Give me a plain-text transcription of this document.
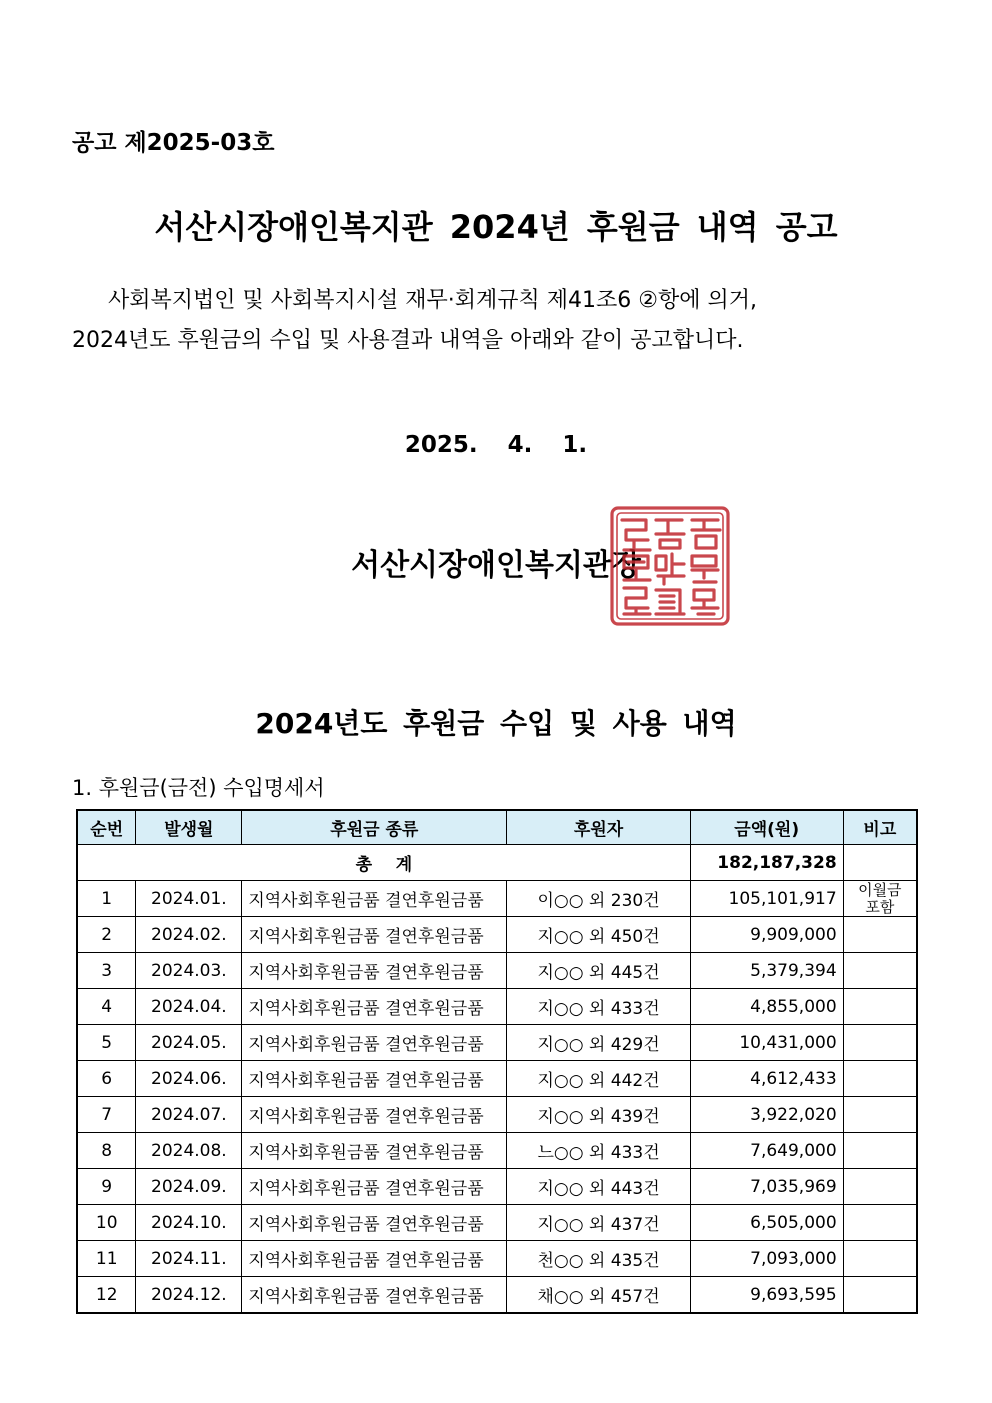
공고 제2025-03호
서산시장애인복지관 2024년 후원금 내역 공고
사회복지법인 및 사회복지시설 재무·회계규칙 제41조6 ②항에 의거,
2024년도 후원금의 수입 및 사용결과 내역을 아래와 같이 공고합니다.
2025. 4. 1.
서산시장애인복지관장
2024년도 후원금 수입 및 사용 내역
1. 후원금(금전) 수입명세서
순번	발생월	후원금 종류	후원자	금액(원)	비고
총    계				182,187,328	
1	2024.01.	지역사회후원금품 결연후원금품	이○○ 외 230건	105,101,917	이월금 포함
2	2024.02.	지역사회후원금품 결연후원금품	지○○ 외 450건	9,909,000	
3	2024.03.	지역사회후원금품 결연후원금품	지○○ 외 445건	5,379,394	
4	2024.04.	지역사회후원금품 결연후원금품	지○○ 외 433건	4,855,000	
5	2024.05.	지역사회후원금품 결연후원금품	지○○ 외 429건	10,431,000	
6	2024.06.	지역사회후원금품 결연후원금품	지○○ 외 442건	4,612,433	
7	2024.07.	지역사회후원금품 결연후원금품	지○○ 외 439건	3,922,020	
8	2024.08.	지역사회후원금품 결연후원금품	느○○ 외 433건	7,649,000	
9	2024.09.	지역사회후원금품 결연후원금품	지○○ 외 443건	7,035,969	
10	2024.10.	지역사회후원금품 결연후원금품	지○○ 외 437건	6,505,000	
11	2024.11.	지역사회후원금품 결연후원금품	천○○ 외 435건	7,093,000	
12	2024.12.	지역사회후원금품 결연후원금품	채○○ 외 457건	9,693,595	
